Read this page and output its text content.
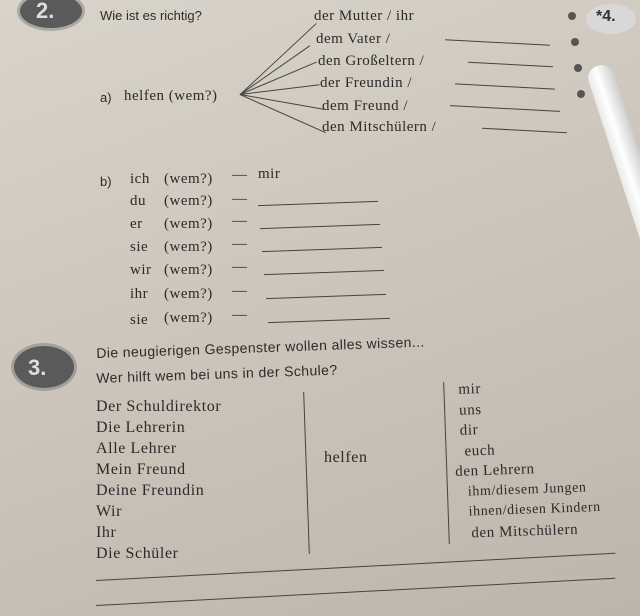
2.	Wie ist es richtig?	*4.
a) helfen (wem?)
der Mutter / ihr
dem Vater /
den Großeltern /
der Freundin /
dem Freund /
den Mitschülern /
b) ich (wem?) — mir
du (wem?) —
er (wem?) —
sie (wem?) —
wir (wem?) —
ihr (wem?) —
sie (wem?) —
3.
Die neugierigen Gespenster wollen alles wissen...
Wer hilft wem bei uns in der Schule?
Der Schuldirektor
Die Lehrerin
Alle Lehrer
Mein Freund
Deine Freundin
Wir
Ihr
Die Schüler
helfen
mir
uns
dir
euch
den Lehrern
ihm/diesem Jungen
ihnen/diesen Kindern
den Mitschülern
